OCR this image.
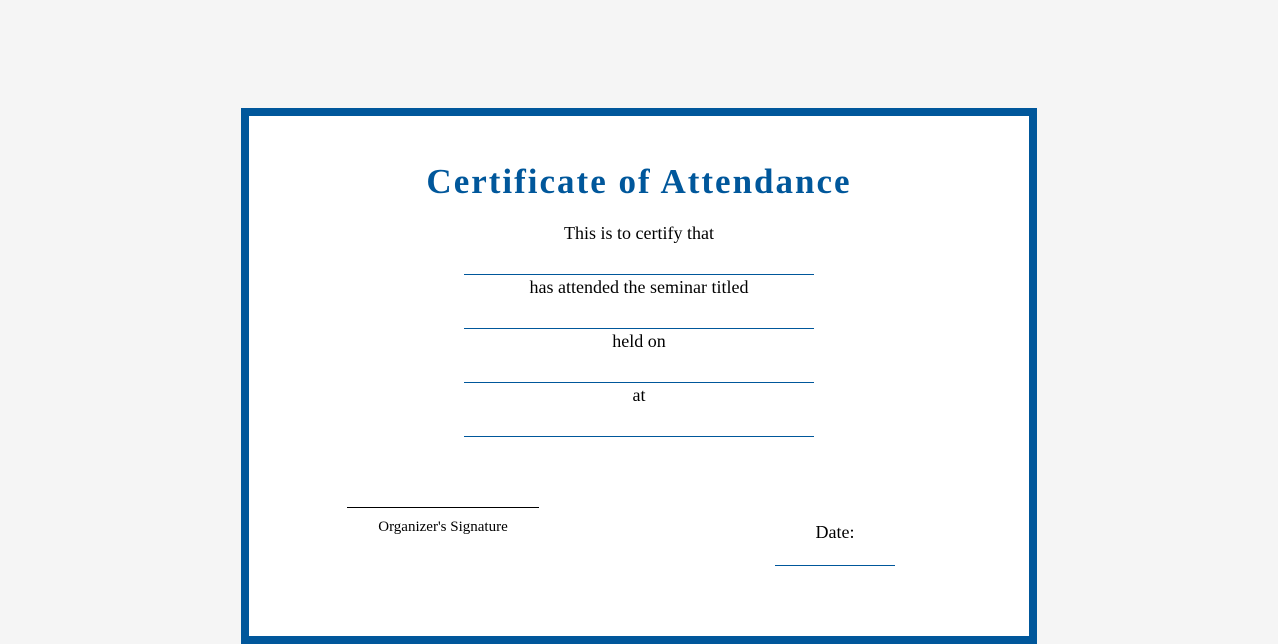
Certificate of Attendance
This is to certify that
has attended the seminar titled
held on
at
Organizer's Signature	Date:
